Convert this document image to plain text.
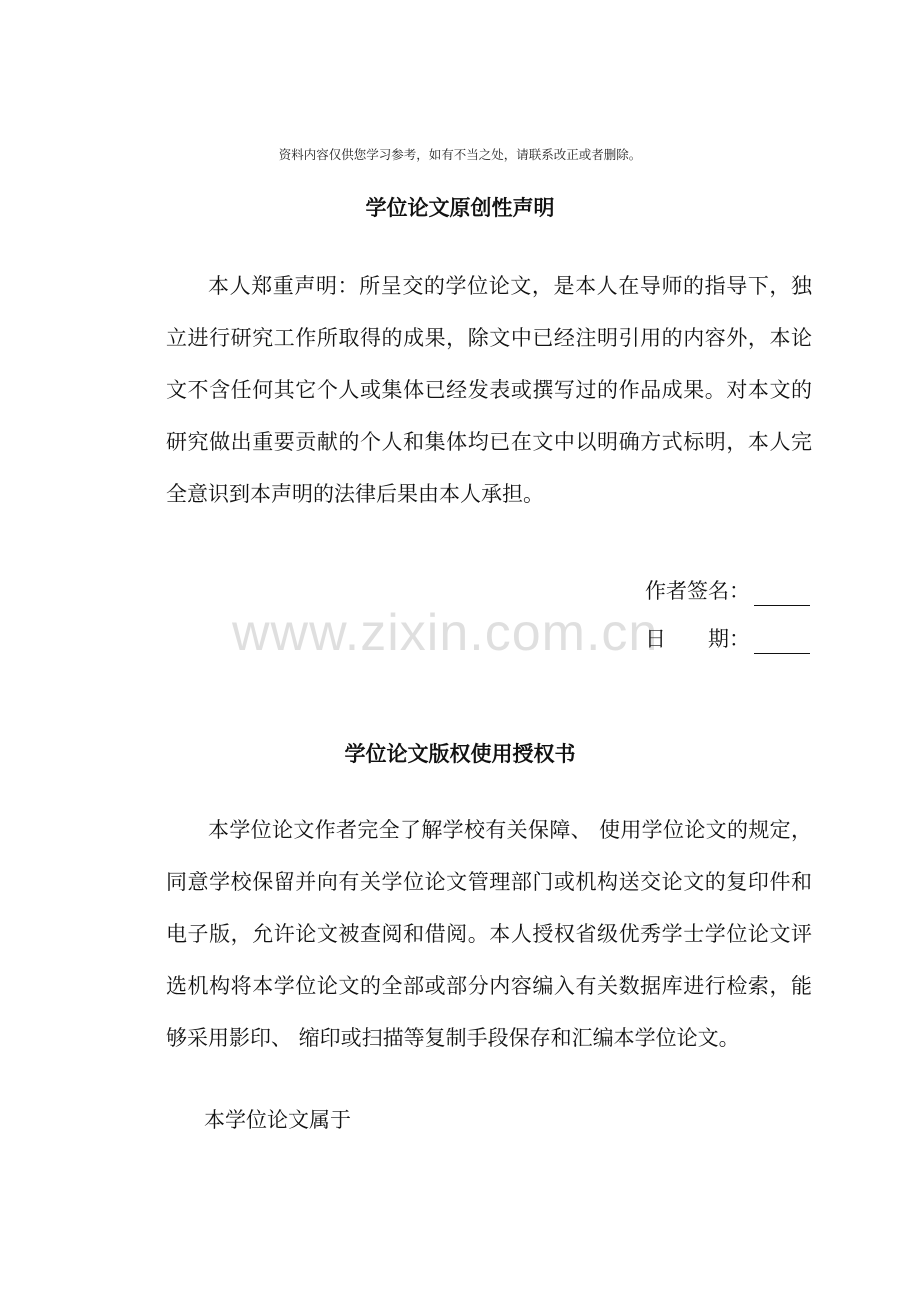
资料内容仅供您学习参考，如有不当之处，请联系改正或者删除。
学位论文原创性声明
本人郑重声明：所呈交的学位论文，是本人在导师的指导下，独立进行研究工作所取得的成果，除文中已经注明引用的内容外，本论文不含任何其它个人或集体已经发表或撰写过的作品成果。对本文的研究做出重要贡献的个人和集体均已在文中以明确方式标明，本人完全意识到本声明的法律后果由本人承担。
作者签名：
www.zixin.com.cn
日　　期：
学位论文版权使用授权书
本学位论文作者完全了解学校有关保障、 使用学位论文的规定，同意学校保留并向有关学位论文管理部门或机构送交论文的复印件和电子版，允许论文被查阅和借阅。本人授权省级优秀学士学位论文评选机构将本学位论文的全部或部分内容编入有关数据库进行检索，能够采用影印、 缩印或扫描等复制手段保存和汇编本学位论文。
本学位论文属于
